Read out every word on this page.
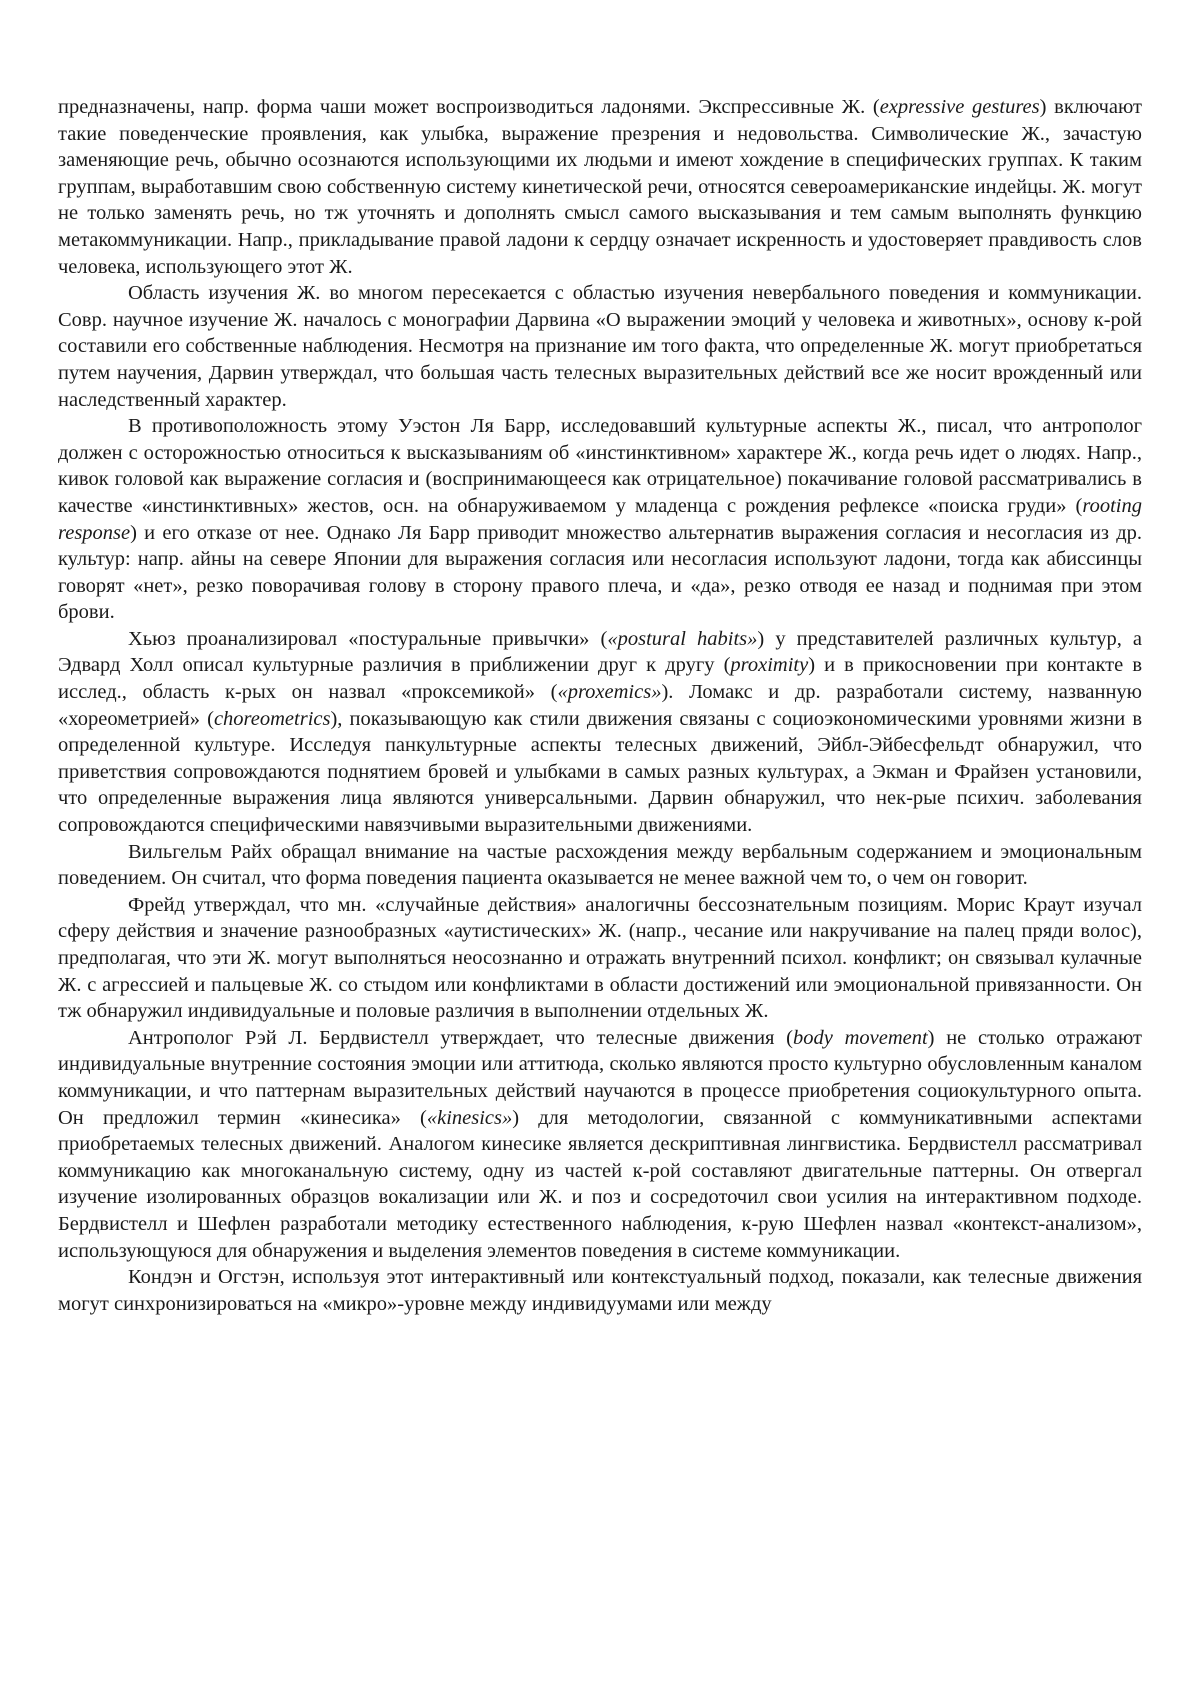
предназначены, напр. форма чаши может воспроизводиться ладонями. Экспрессивные Ж. (expressive gestures) включают такие поведенческие проявления, как улыбка, выражение презрения и недовольства. Символические Ж., зачастую заменяющие речь, обычно осознаются использующими их людьми и имеют хождение в специфических группах. К таким группам, выработавшим свою собственную систему кинетической речи, относятся североамериканские индейцы. Ж. могут не только заменять речь, но тж уточнять и дополнять смысл самого высказывания и тем самым выполнять функцию метакоммуникации. Напр., прикладывание правой ладони к сердцу означает искренность и удостоверяет правдивость слов человека, использующего этот Ж.

Область изучения Ж. во многом пересекается с областью изучения невербального поведения и коммуникации. Совр. научное изучение Ж. началось с монографии Дарвина «О выражении эмоций у человека и животных», основу к-рой составили его собственные наблюдения. Несмотря на признание им того факта, что определенные Ж. могут приобретаться путем научения, Дарвин утверждал, что большая часть телесных выразительных действий все же носит врожденный или наследственный характер.

В противоположность этому Уэстон Ля Барр, исследовавший культурные аспекты Ж., писал, что антрополог должен с осторожностью относиться к высказываниям об «инстинктивном» характере Ж., когда речь идет о людях. Напр., кивок головой как выражение согласия и (воспринимающееся как отрицательное) покачивание головой рассматривались в качестве «инстинктивных» жестов, осн. на обнаруживаемом у младенца с рождения рефлексе «поиска груди» (rooting response) и его отказе от нее. Однако Ля Барр приводит множество альтернатив выражения согласия и несогласия из др. культур: напр. айны на севере Японии для выражения согласия или несогласия используют ладони, тогда как абиссинцы говорят «нет», резко поворачивая голову в сторону правого плеча, и «да», резко отводя ее назад и поднимая при этом брови.

Хьюз проанализировал «постуральные привычки» («postural habits») у представителей различных культур, а Эдвард Холл описал культурные различия в приближении друг к другу (proximity) и в прикосновении при контакте в исслед., область к-рых он назвал «проксемикой» («proxemics»). Ломакс и др. разработали систему, названную «хореометрией» (choreometrics), показывающую как стили движения связаны с социоэкономическими уровнями жизни в определенной культуре. Исследуя панкультурные аспекты телесных движений, Эйбл-Эйбесфельдт обнаружил, что приветствия сопровождаются поднятием бровей и улыбками в самых разных культурах, а Экман и Фрайзен установили, что определенные выражения лица являются универсальными. Дарвин обнаружил, что нек-рые психич. заболевания сопровождаются специфическими навязчивыми выразительными движениями.

Вильгельм Райх обращал внимание на частые расхождения между вербальным содержанием и эмоциональным поведением. Он считал, что форма поведения пациента оказывается не менее важной чем то, о чем он говорит.

Фрейд утверждал, что мн. «случайные действия» аналогичны бессознательным позициям. Морис Краут изучал сферу действия и значение разнообразных «аутистических» Ж. (напр., чесание или накручивание на палец пряди волос), предполагая, что эти Ж. могут выполняться неосознанно и отражать внутренний психол. конфликт; он связывал кулачные Ж. с агрессией и пальцевые Ж. со стыдом или конфликтами в области достижений или эмоциональной привязанности. Он тж обнаружил индивидуальные и половые различия в выполнении отдельных Ж.

Антрополог Рэй Л. Бердвистелл утверждает, что телесные движения (body movement) не столько отражают индивидуальные внутренние состояния эмоции или аттитюда, сколько являются просто культурно обусловленным каналом коммуникации, и что паттернам выразительных действий научаются в процессе приобретения социокультурного опыта. Он предложил термин «кинесика» («kinesics») для методологии, связанной с коммуникативными аспектами приобретаемых телесных движений. Аналогом кинесике является дескриптивная лингвистика. Бердвистелл рассматривал коммуникацию как многоканальную систему, одну из частей к-рой составляют двигательные паттерны. Он отвергал изучение изолированных образцов вокализации или Ж. и поз и сосредоточил свои усилия на интерактивном подходе. Бердвистелл и Шефлен разработали методику естественного наблюдения, к-рую Шефлен назвал «контекст-анализом», использующуюся для обнаружения и выделения элементов поведения в системе коммуникации.

Кондэн и Огстэн, используя этот интерактивный или контекстуальный подход, показали, как телесные движения могут синхронизироваться на «микро»-уровне между индивидуумами или между
